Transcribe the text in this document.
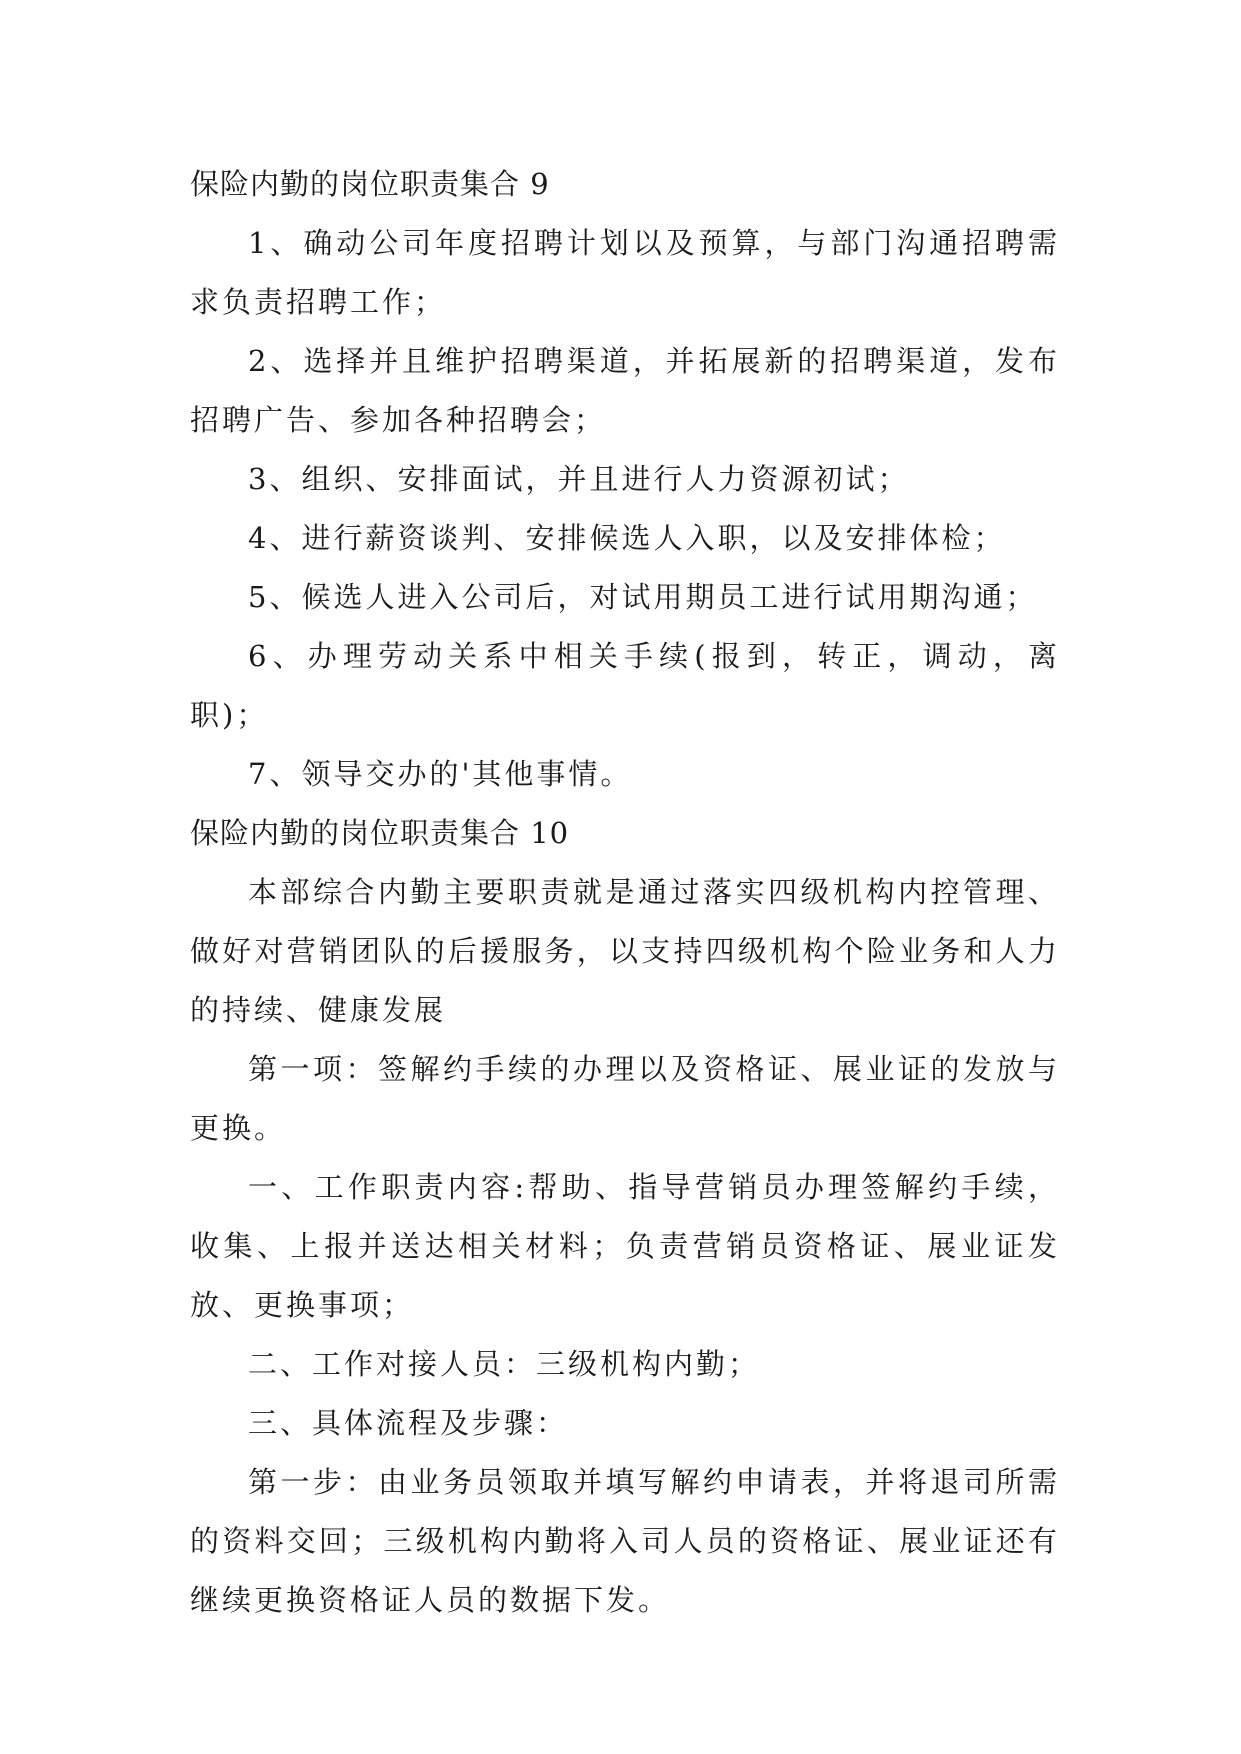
保险内勤的岗位职责集合 9

1、确动公司年度招聘计划以及预算，与部门沟通招聘需求负责招聘工作；

2、选择并且维护招聘渠道，并拓展新的招聘渠道，发布招聘广告、参加各种招聘会；

3、组织、安排面试，并且进行人力资源初试；

4、进行薪资谈判、安排候选人入职，以及安排体检；

5、候选人进入公司后，对试用期员工进行试用期沟通；

6、办理劳动关系中相关手续(报到，转正，调动，离职)；

7、领导交办的'其他事情。

保险内勤的岗位职责集合 10

本部综合内勤主要职责就是通过落实四级机构内控管理、做好对营销团队的后援服务，以支持四级机构个险业务和人力的持续、健康发展

第一项：签解约手续的办理以及资格证、展业证的发放与更换。

一、工作职责内容:帮助、指导营销员办理签解约手续，收集、上报并送达相关材料；负责营销员资格证、展业证发放、更换事项；

二、工作对接人员：三级机构内勤；

三、具体流程及步骤：

第一步：由业务员领取并填写解约申请表，并将退司所需的资料交回；三级机构内勤将入司人员的资格证、展业证还有继续更换资格证人员的数据下发。
